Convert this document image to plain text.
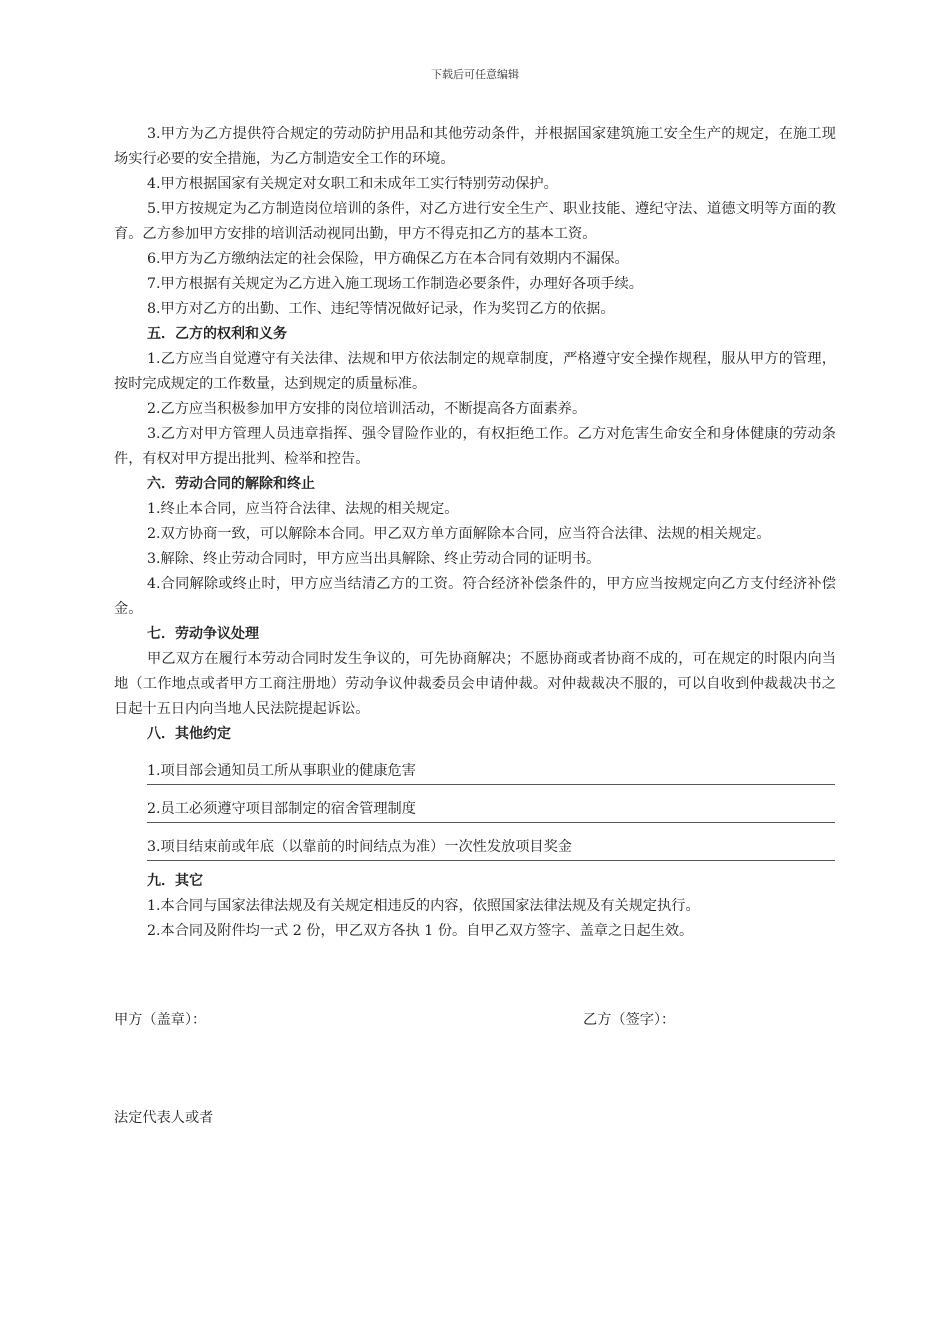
下载后可任意编辑

3.甲方为乙方提供符合规定的劳动防护用品和其他劳动条件，并根据国家建筑施工安全生产的规定，在施工现场实行必要的安全措施，为乙方制造安全工作的环境。

4.甲方根据国家有关规定对女职工和未成年工实行特别劳动保护。

5.甲方按规定为乙方制造岗位培训的条件，对乙方进行安全生产、职业技能、遵纪守法、道德文明等方面的教育。乙方参加甲方安排的培训活动视同出勤，甲方不得克扣乙方的基本工资。

6.甲方为乙方缴纳法定的社会保险，甲方确保乙方在本合同有效期内不漏保。

7.甲方根据有关规定为乙方进入施工现场工作制造必要条件，办理好各项手续。

8.甲方对乙方的出勤、工作、违纪等情况做好记录，作为奖罚乙方的依据。

五．乙方的权利和义务

1.乙方应当自觉遵守有关法律、法规和甲方依法制定的规章制度，严格遵守安全操作规程，服从甲方的管理，按时完成规定的工作数量，达到规定的质量标准。

2.乙方应当积极参加甲方安排的岗位培训活动，不断提高各方面素养。

3.乙方对甲方管理人员违章指挥、强令冒险作业的，有权拒绝工作。乙方对危害生命安全和身体健康的劳动条件，有权对甲方提出批判、检举和控告。

六．劳动合同的解除和终止

1.终止本合同，应当符合法律、法规的相关规定。

2.双方协商一致，可以解除本合同。甲乙双方单方面解除本合同，应当符合法律、法规的相关规定。

3.解除、终止劳动合同时，甲方应当出具解除、终止劳动合同的证明书。

4.合同解除或终止时，甲方应当结清乙方的工资。符合经济补偿条件的，甲方应当按规定向乙方支付经济补偿金。

七．劳动争议处理

甲乙双方在履行本劳动合同时发生争议的，可先协商解决；不愿协商或者协商不成的，可在规定的时限内向当地（工作地点或者甲方工商注册地）劳动争议仲裁委员会申请仲裁。对仲裁裁决不服的，可以自收到仲裁裁决书之日起十五日内向当地人民法院提起诉讼。

八．其他约定

1.项目部会通知员工所从事职业的健康危害

2.员工必须遵守项目部制定的宿舍管理制度

3.项目结束前或年底（以靠前的时间结点为准）一次性发放项目奖金

九．其它

1.本合同与国家法律法规及有关规定相违反的内容，依照国家法律法规及有关规定执行。

2.本合同及附件均一式 2 份，甲乙双方各执 1 份。自甲乙双方签字、盖章之日起生效。

甲方（盖章）：	乙方（签字）：
法定代表人或者
